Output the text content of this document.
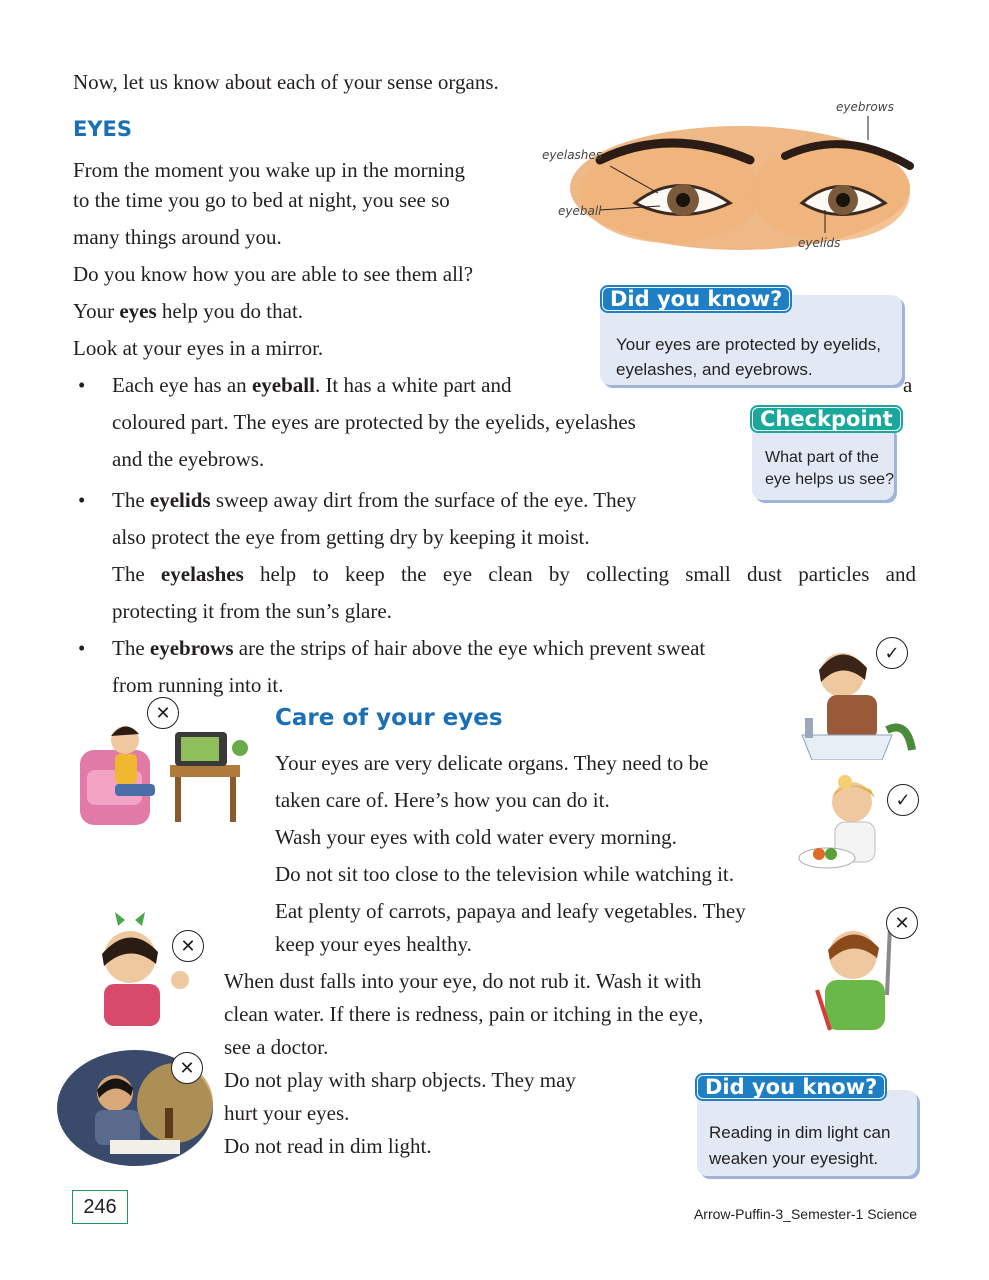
Now, let us know about each of your sense organs.
EYES
From the moment you wake up in the morning
to the time you go to bed at night, you see so
many things around you.
Do you know how you are able to see them all?
Your eyes help you do that.
Look at your eyes in a mirror.
• Each eye has an eyeball. It has a white part and	a
coloured part. The eyes are protected by the eyelids, eyelashes
and the eyebrows.
• The eyelids sweep away dirt from the surface of the eye. They
also protect the eye from getting dry by keeping it moist.
The eyelashes help to keep the eye clean by collecting small dust particles and
protecting it from the sun’s glare.
• The eyebrows are the strips of hair above the eye which prevent sweat
from running into it.
eyebrows
eyelashes
eyeball
eyelids
Did you know?
Your eyes are protected by eyelids,
eyelashes, and eyebrows.
Checkpoint
What part of the
eye helps us see?
Care of your eyes
Your eyes are very delicate organs. They need to be
taken care of. Here’s how you can do it.
Wash your eyes with cold water every morning.
Do not sit too close to the television while watching it.
Eat plenty of carrots, papaya and leafy vegetables. They
keep your eyes healthy.
When dust falls into your eye, do not rub it. Wash it with
clean water. If there is redness, pain or itching in the eye,
see a doctor.
Do not play with sharp objects. They may
hurt your eyes.
Do not read in dim light.
✕
✓
✓
✕
✕
✕
Did you know?
Reading in dim light can
weaken your eyesight.
246	Arrow-Puffin-3_Semester-1 Science
